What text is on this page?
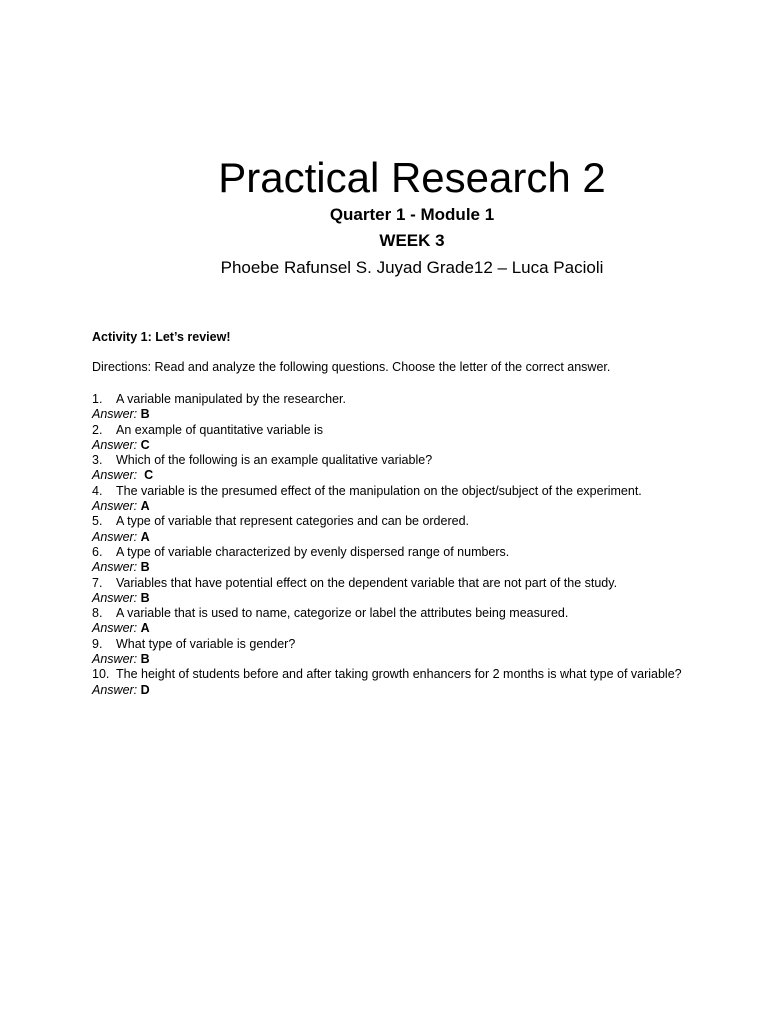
Practical Research 2
Quarter 1 - Module 1
WEEK 3
Phoebe Rafunsel S. Juyad Grade12 – Luca Pacioli
Activity 1: Let’s review!
Directions: Read and analyze the following questions. Choose the letter of the correct answer.
1.	A variable manipulated by the researcher.
Answer: B
2.	An example of quantitative variable is
Answer: C
3.	Which of the following is an example qualitative variable?
Answer: C
4.	The variable is the presumed effect of the manipulation on the object/subject of the experiment.
Answer: A
5.	A type of variable that represent categories and can be ordered.
Answer: A
6.	A type of variable characterized by evenly dispersed range of numbers.
Answer: B
7.	Variables that have potential effect on the dependent variable that are not part of the study.
Answer: B
8.	A variable that is used to name, categorize or label the attributes being measured.
Answer: A
9.	What type of variable is gender?
Answer: B
10. The height of students before and after taking growth enhancers for 2 months is what type of variable?
Answer: D
